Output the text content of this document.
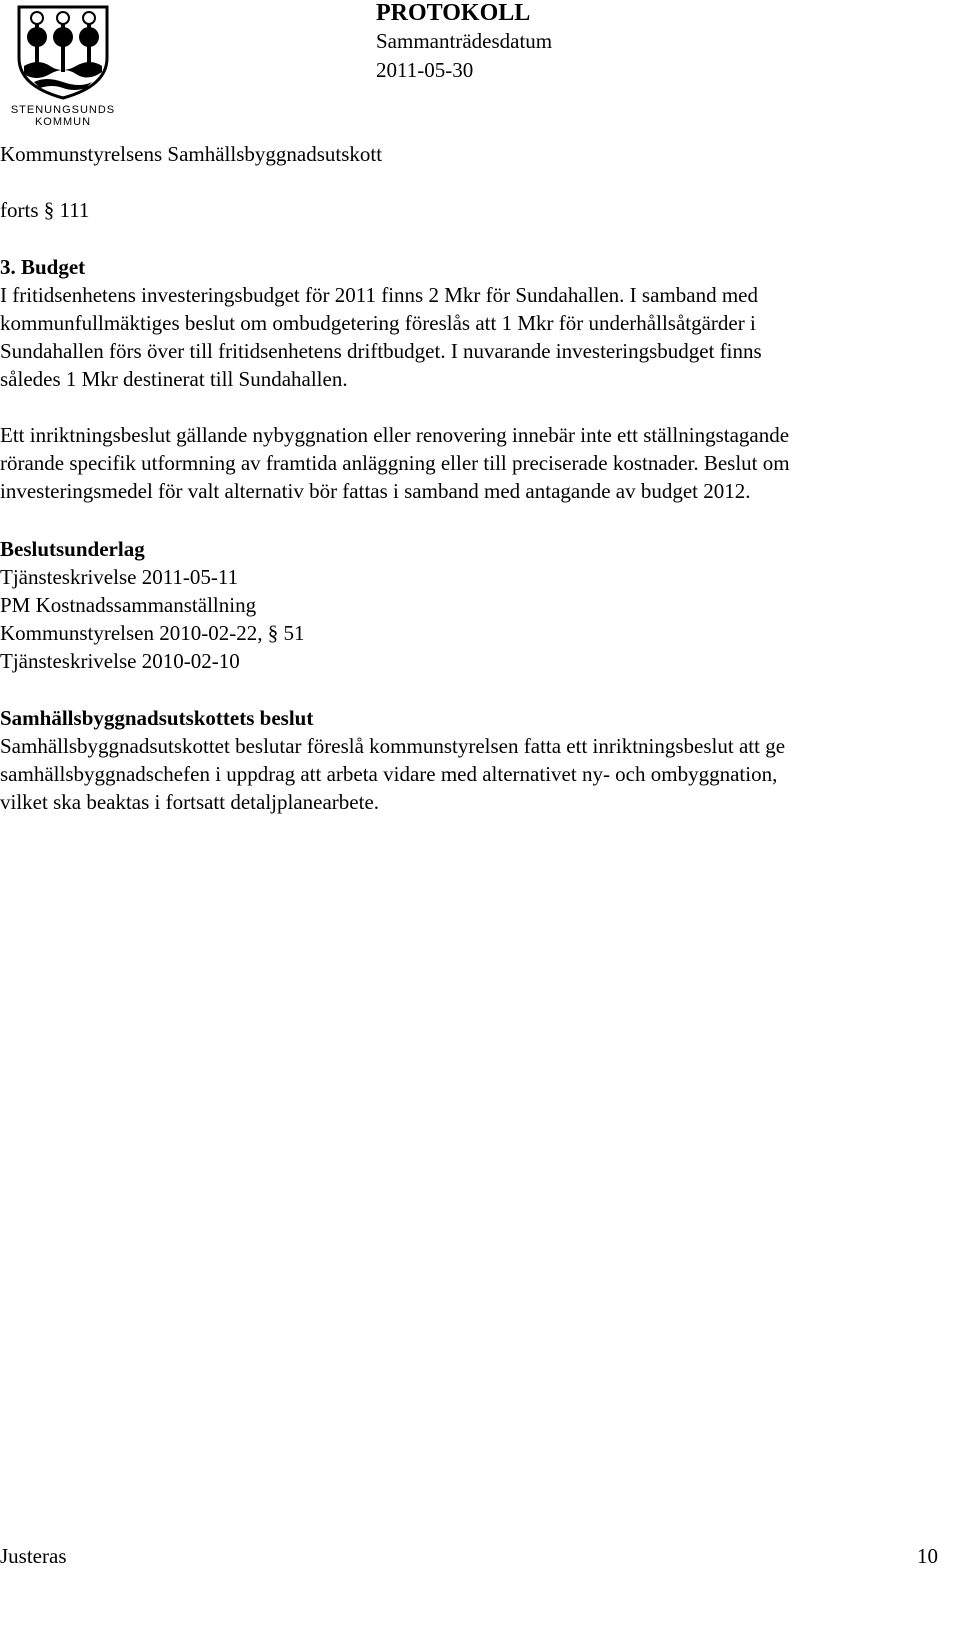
STENUNGSUNDS
KOMMUN
PROTOKOLL
Sammanträdesdatum
2011-05-30
Kommunstyrelsens Samhällsbyggnadsutskott
forts § 111
3. Budget
I fritidsenhetens investeringsbudget för 2011 finns 2 Mkr för Sundahallen. I samband med
kommunfullmäktiges beslut om ombudgetering föreslås att 1 Mkr för underhållsåtgärder i
Sundahallen förs över till fritidsenhetens driftbudget. I nuvarande investeringsbudget finns
således 1 Mkr destinerat till Sundahallen.
Ett inriktningsbeslut gällande nybyggnation eller renovering innebär inte ett ställningstagande
rörande specifik utformning av framtida anläggning eller till preciserade kostnader. Beslut om
investeringsmedel för valt alternativ bör fattas i samband med antagande av budget 2012.
Beslutsunderlag
Tjänsteskrivelse 2011-05-11
PM Kostnadssammanställning
Kommunstyrelsen 2010-02-22, § 51
Tjänsteskrivelse 2010-02-10
Samhällsbyggnadsutskottets beslut
Samhällsbyggnadsutskottet beslutar föreslå kommunstyrelsen fatta ett inriktningsbeslut att ge
samhällsbyggnadschefen i uppdrag att arbeta vidare med alternativet ny- och ombyggnation,
vilket ska beaktas i fortsatt detaljplanearbete.
Justeras	10
